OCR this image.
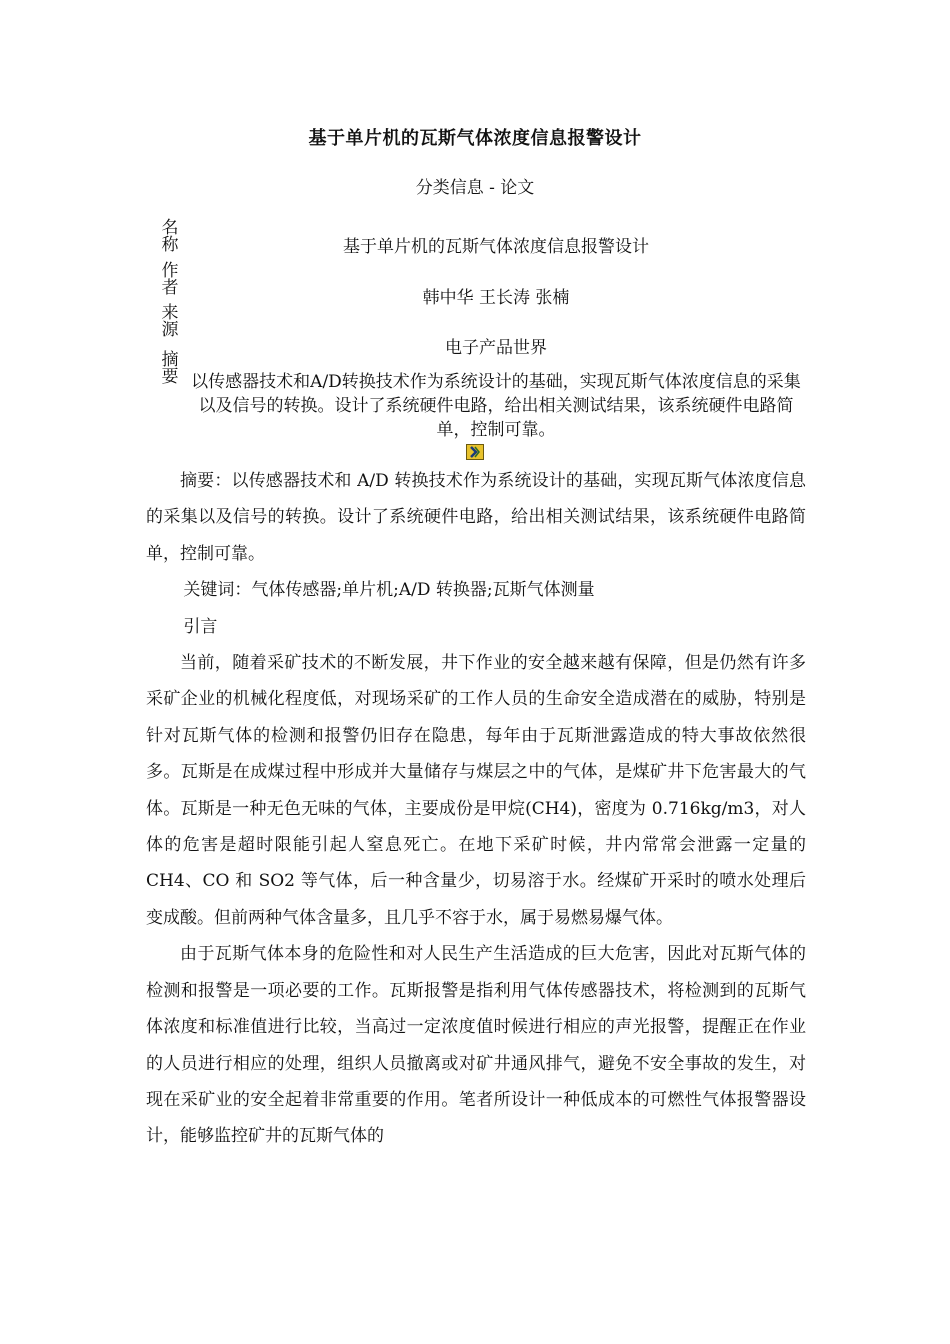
基于单片机的瓦斯气体浓度信息报警设计
分类信息 - 论文
名称
作者
来源
摘要
基于单片机的瓦斯气体浓度信息报警设计
韩中华 王长涛 张楠
电子产品世界
以传感器技术和A/D转换技术作为系统设计的基础，实现瓦斯气体浓度信息的采集以及信号的转换。设计了系统硬件电路，给出相关测试结果，该系统硬件电路简单，控制可靠。

摘要：以传感器技术和 A/D 转换技术作为系统设计的基础，实现瓦斯气体浓度信息的采集以及信号的转换。设计了系统硬件电路，给出相关测试结果，该系统硬件电路简单，控制可靠。

关键词：气体传感器;单片机;A/D 转换器;瓦斯气体测量

引言

当前，随着采矿技术的不断发展，井下作业的安全越来越有保障，但是仍然有许多采矿企业的机械化程度低，对现场采矿的工作人员的生命安全造成潜在的威胁，特别是针对瓦斯气体的检测和报警仍旧存在隐患，每年由于瓦斯泄露造成的特大事故依然很多。瓦斯是在成煤过程中形成并大量储存与煤层之中的气体，是煤矿井下危害最大的气体。瓦斯是一种无色无味的气体，主要成份是甲烷(CH4)，密度为 0.716kg/m3，对人体的危害是超时限能引起人窒息死亡。在地下采矿时候，井内常常会泄露一定量的 CH4、CO 和 SO2 等气体，后一种含量少，切易溶于水。经煤矿开采时的喷水处理后变成酸。但前两种气体含量多，且几乎不容于水，属于易燃易爆气体。

由于瓦斯气体本身的危险性和对人民生产生活造成的巨大危害，因此对瓦斯气体的检测和报警是一项必要的工作。瓦斯报警是指利用气体传感器技术，将检测到的瓦斯气体浓度和标准值进行比较，当高过一定浓度值时候进行相应的声光报警，提醒正在作业的人员进行相应的处理，组织人员撤离或对矿井通风排气，避免不安全事故的发生，对现在采矿业的安全起着非常重要的作用。笔者所设计一种低成本的可燃性气体报警器设计，能够监控矿井的瓦斯气体的
